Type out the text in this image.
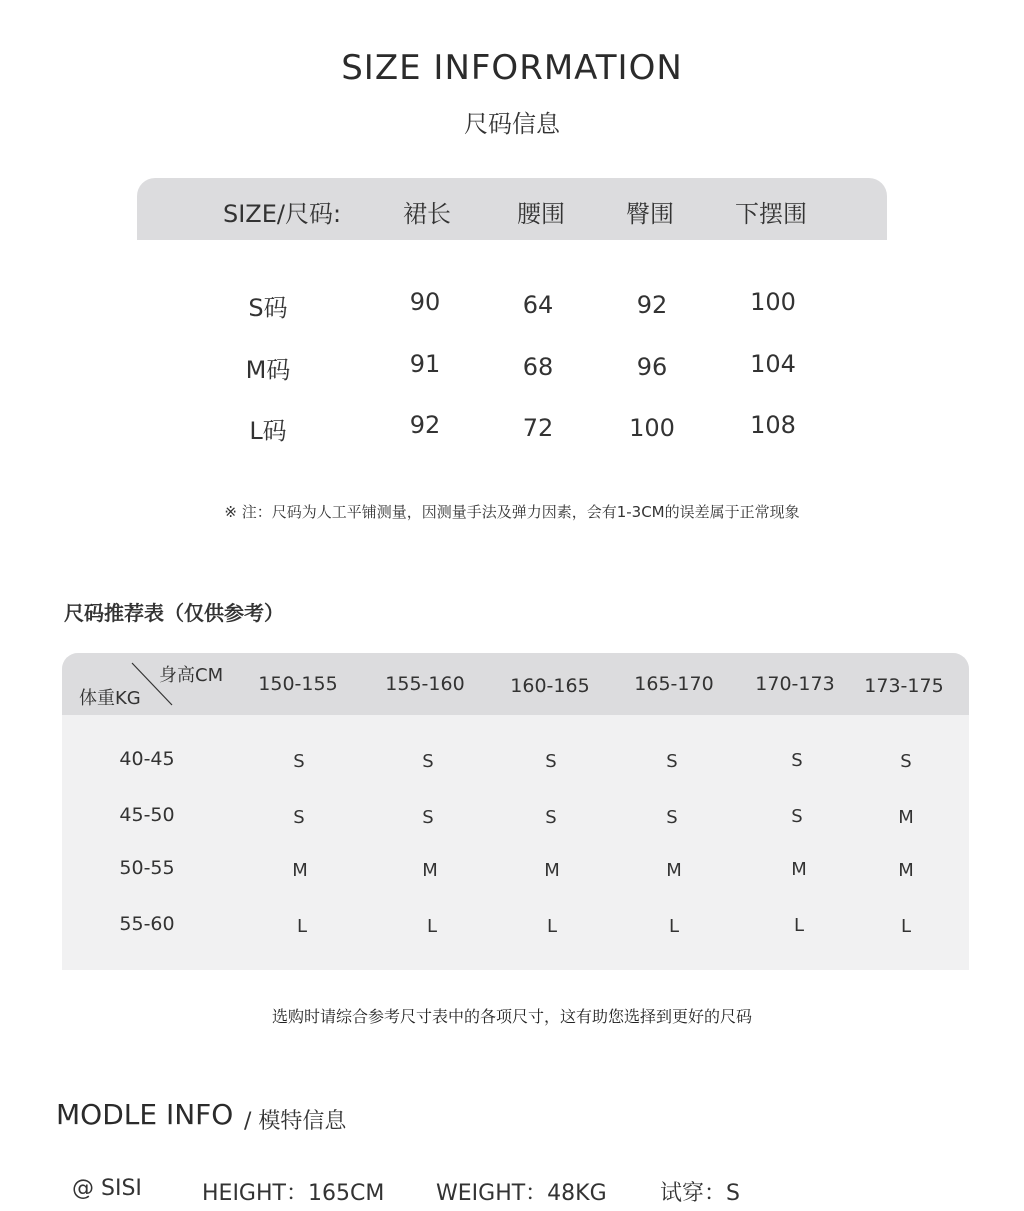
SIZE INFORMATION
尺码信息
SIZE/尺码:	裙长	腰围	臀围	下摆围
S码	90	64	92	100
M码	91	68	96	104
L码	92	72	100	108
※ 注：尺码为人工平铺测量，因测量手法及弹力因素，会有1-3CM的误差属于正常现象
尺码推荐表（仅供参考）
身高CM
体重KG
150-155	155-160	160-165	165-170	170-173	173-175
40-45	S	S	S	S	S	S
45-50	S	S	S	S	S	M
50-55	M	M	M	M	M	M
55-60	L	L	L	L	L	L
选购时请综合参考尺寸表中的各项尺寸，这有助您选择到更好的尺码
MODLE INFO / 模特信息
@ SISI	HEIGHT：165CM WEIGHT：48KG 试穿：S
